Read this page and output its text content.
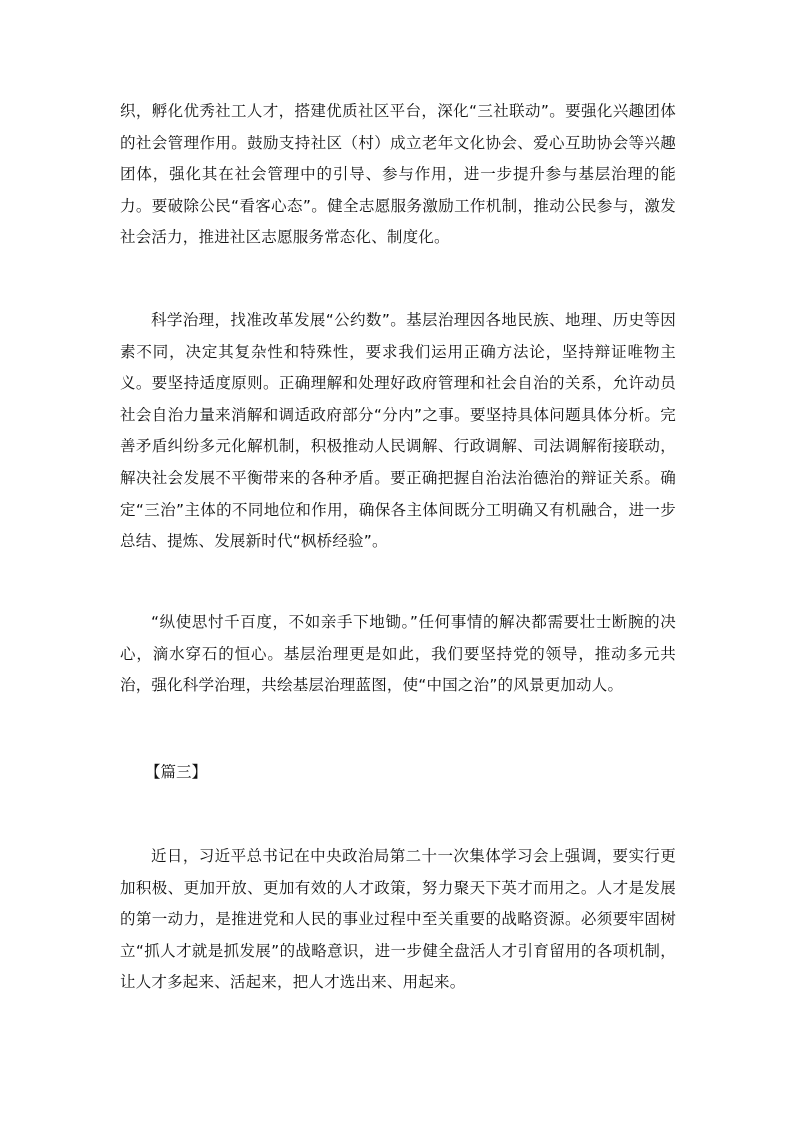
织，孵化优秀社工人才，搭建优质社区平台，深化“三社联动”。要强化兴趣团体的社会管理作用。鼓励支持社区（村）成立老年文化协会、爱心互助协会等兴趣团体，强化其在社会管理中的引导、参与作用，进一步提升参与基层治理的能力。要破除公民“看客心态”。健全志愿服务激励工作机制，推动公民参与，激发社会活力，推进社区志愿服务常态化、制度化。

科学治理，找准改革发展“公约数”。基层治理因各地民族、地理、历史等因素不同，决定其复杂性和特殊性，要求我们运用正确方法论，坚持辩证唯物主义。要坚持适度原则。正确理解和处理好政府管理和社会自治的关系，允许动员社会自治力量来消解和调适政府部分“分内”之事。要坚持具体问题具体分析。完善矛盾纠纷多元化解机制，积极推动人民调解、行政调解、司法调解衔接联动，解决社会发展不平衡带来的各种矛盾。要正确把握自治法治德治的辩证关系。确定“三治”主体的不同地位和作用，确保各主体间既分工明确又有机融合，进一步总结、提炼、发展新时代“枫桥经验”。

“纵使思忖千百度，不如亲手下地锄。”任何事情的解决都需要壮士断腕的决心，滴水穿石的恒心。基层治理更是如此，我们要坚持党的领导，推动多元共治，强化科学治理，共绘基层治理蓝图，使“中国之治”的风景更加动人。

【篇三】

近日，习近平总书记在中央政治局第二十一次集体学习会上强调，要实行更加积极、更加开放、更加有效的人才政策，努力聚天下英才而用之。人才是发展的第一动力，是推进党和人民的事业过程中至关重要的战略资源。必须要牢固树立“抓人才就是抓发展”的战略意识，进一步健全盘活人才引育留用的各项机制，让人才多起来、活起来，把人才选出来、用起来。
